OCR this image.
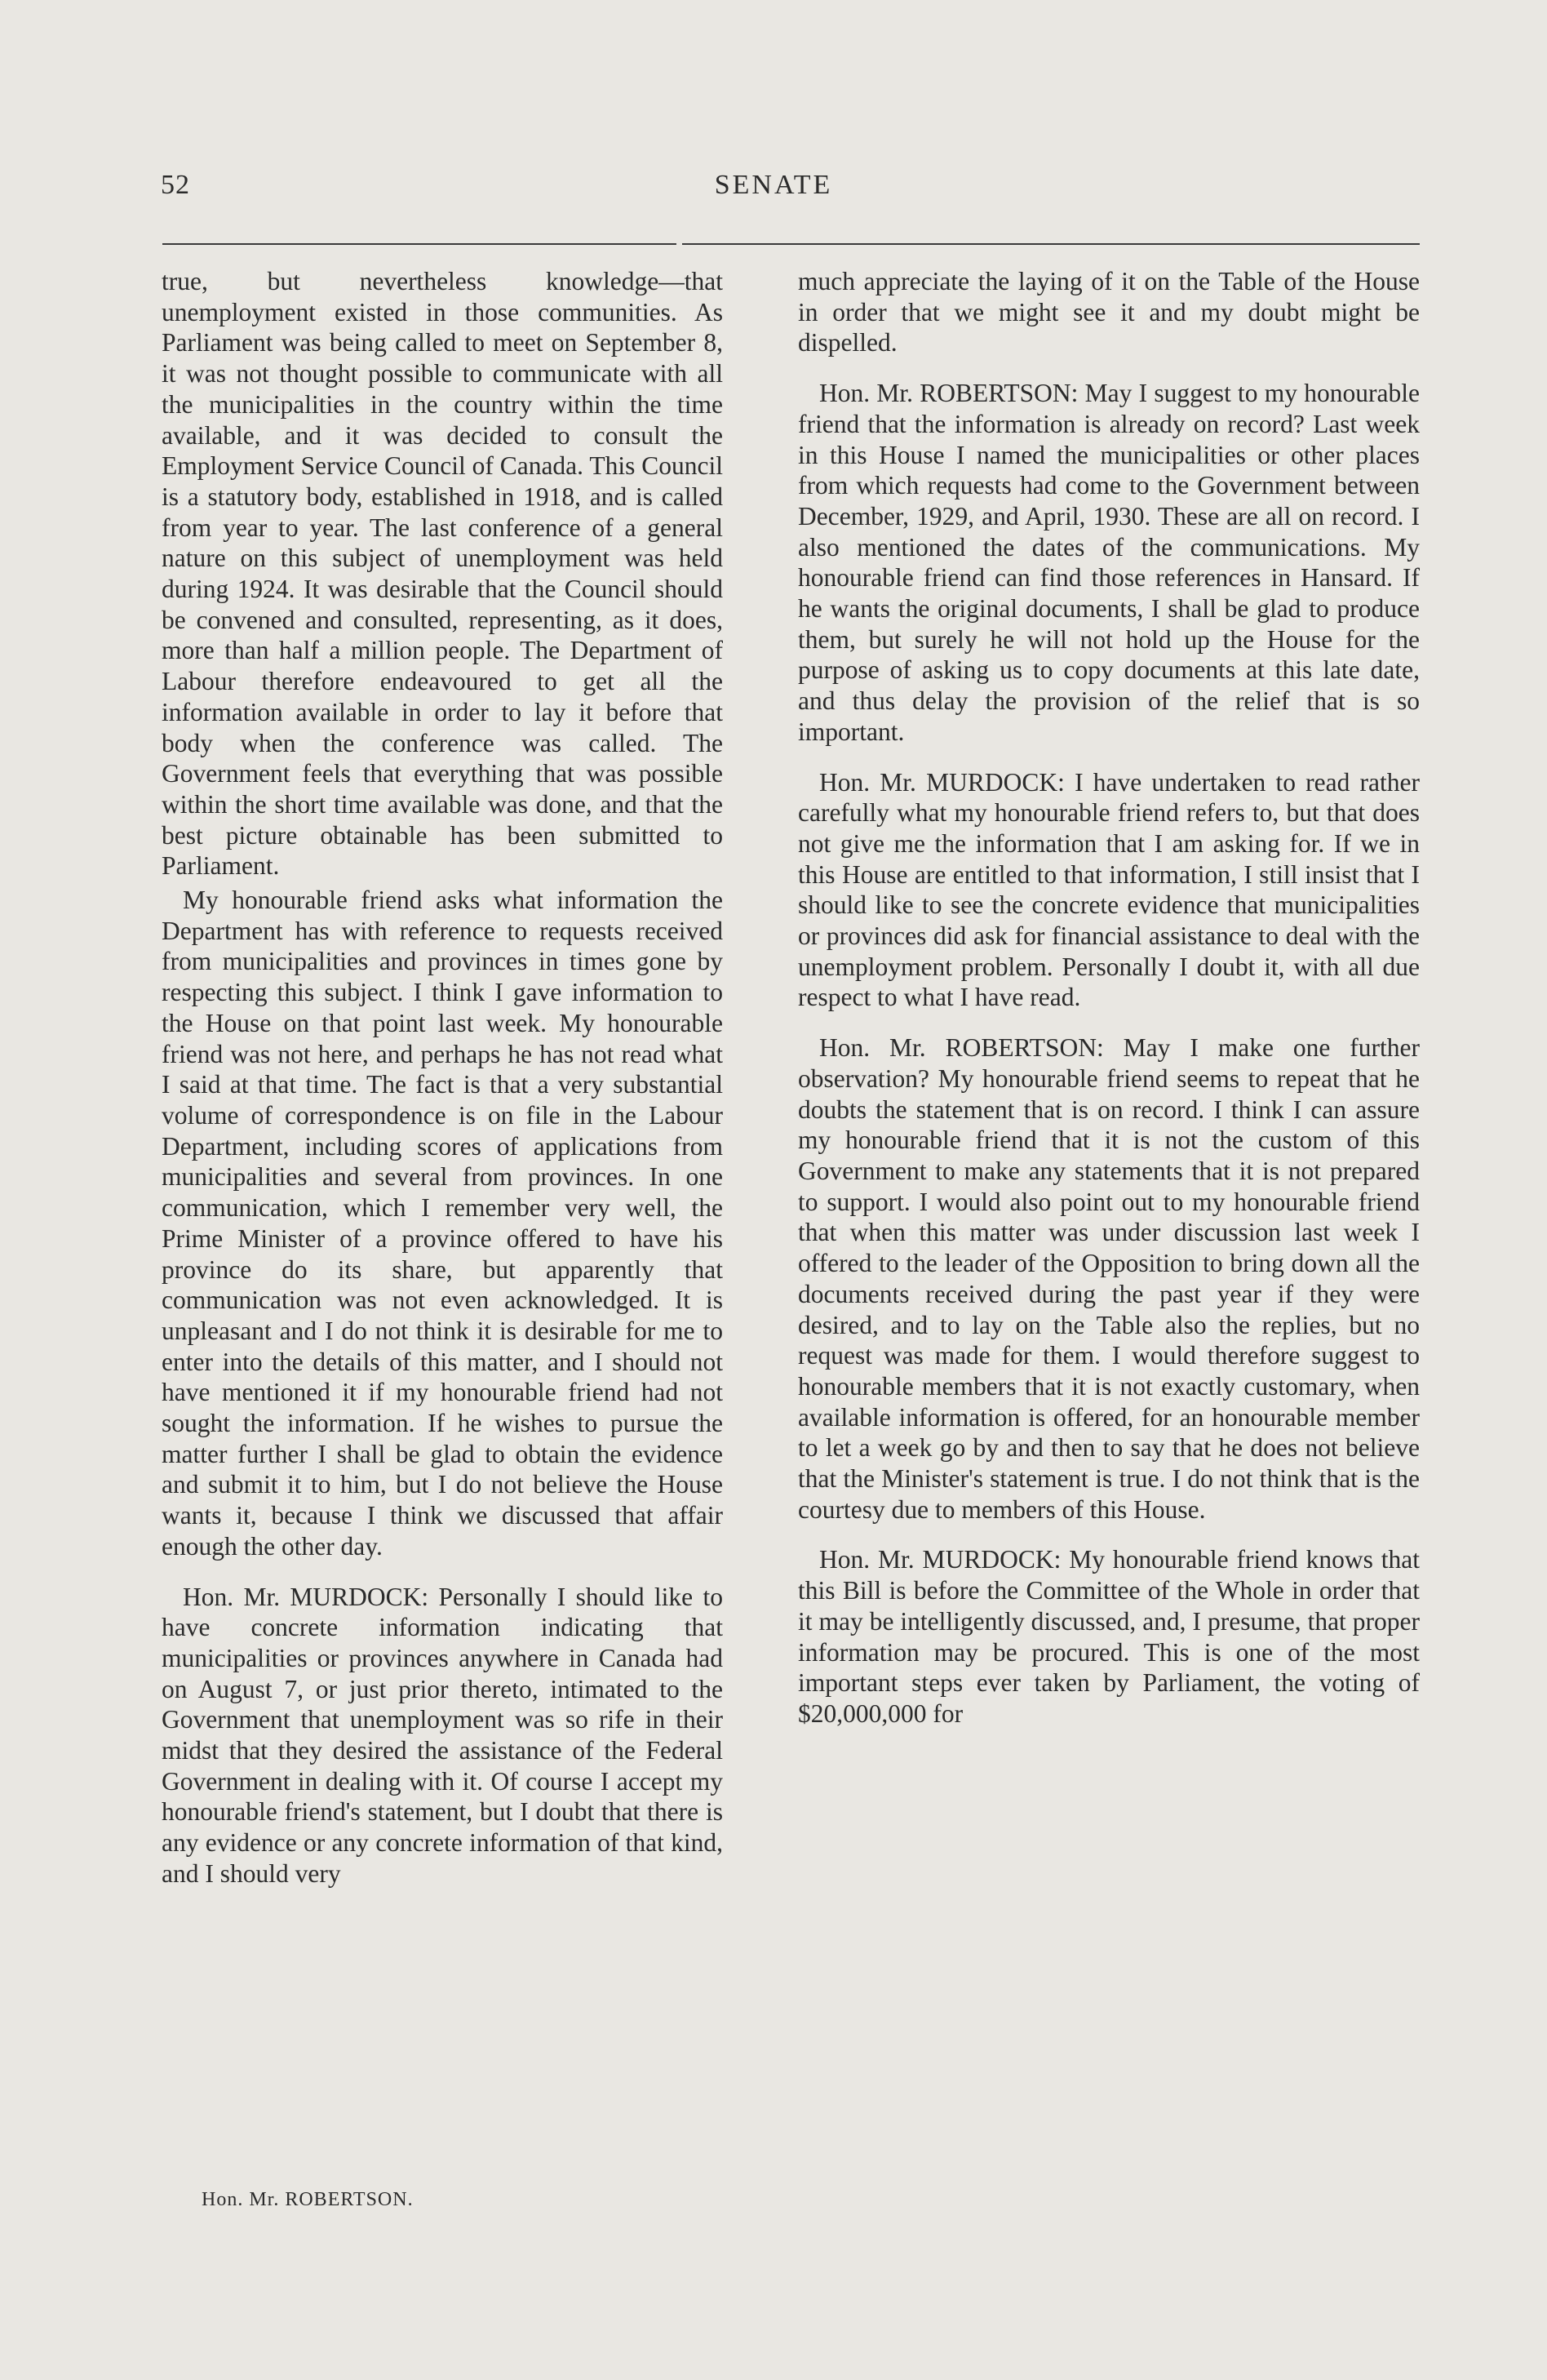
52	SENATE

true, but nevertheless knowledge—that unemployment existed in those communities. As Parliament was being called to meet on September 8, it was not thought possible to communicate with all the municipalities in the country within the time available, and it was decided to consult the Employment Service Council of Canada. This Council is a statutory body, established in 1918, and is called from year to year. The last conference of a general nature on this subject of unemployment was held during 1924. It was desirable that the Council should be convened and consulted, representing, as it does, more than half a million people. The Department of Labour therefore endeavoured to get all the information available in order to lay it before that body when the conference was called. The Government feels that everything that was possible within the short time available was done, and that the best picture obtainable has been submitted to Parliament.

My honourable friend asks what information the Department has with reference to requests received from municipalities and provinces in times gone by respecting this subject. I think I gave information to the House on that point last week. My honourable friend was not here, and perhaps he has not read what I said at that time. The fact is that a very substantial volume of correspondence is on file in the Labour Department, including scores of applications from municipalities and several from provinces. In one communication, which I remember very well, the Prime Minister of a province offered to have his province do its share, but apparently that communication was not even acknowledged. It is unpleasant and I do not think it is desirable for me to enter into the details of this matter, and I should not have mentioned it if my honourable friend had not sought the information. If he wishes to pursue the matter further I shall be glad to obtain the evidence and submit it to him, but I do not believe the House wants it, because I think we discussed that affair enough the other day.

Hon. Mr. MURDOCK: Personally I should like to have concrete information indicating that municipalities or provinces anywhere in Canada had on August 7, or just prior thereto, intimated to the Government that unemployment was so rife in their midst that they desired the assistance of the Federal Government in dealing with it. Of course I accept my honourable friend's statement, but I doubt that there is any evidence or any concrete information of that kind, and I should very

much appreciate the laying of it on the Table of the House in order that we might see it and my doubt might be dispelled.

Hon. Mr. ROBERTSON: May I suggest to my honourable friend that the information is already on record? Last week in this House I named the municipalities or other places from which requests had come to the Government between December, 1929, and April, 1930. These are all on record. I also mentioned the dates of the communications. My honourable friend can find those references in Hansard. If he wants the original documents, I shall be glad to produce them, but surely he will not hold up the House for the purpose of asking us to copy documents at this late date, and thus delay the provision of the relief that is so important.

Hon. Mr. MURDOCK: I have undertaken to read rather carefully what my honourable friend refers to, but that does not give me the information that I am asking for. If we in this House are entitled to that information, I still insist that I should like to see the concrete evidence that municipalities or provinces did ask for financial assistance to deal with the unemployment problem. Personally I doubt it, with all due respect to what I have read.

Hon. Mr. ROBERTSON: May I make one further observation? My honourable friend seems to repeat that he doubts the statement that is on record. I think I can assure my honourable friend that it is not the custom of this Government to make any statements that it is not prepared to support. I would also point out to my honourable friend that when this matter was under discussion last week I offered to the leader of the Opposition to bring down all the documents received during the past year if they were desired, and to lay on the Table also the replies, but no request was made for them. I would therefore suggest to honourable members that it is not exactly customary, when available information is offered, for an honourable member to let a week go by and then to say that he does not believe that the Minister's statement is true. I do not think that is the courtesy due to members of this House.

Hon. Mr. MURDOCK: My honourable friend knows that this Bill is before the Committee of the Whole in order that it may be intelligently discussed, and, I presume, that proper information may be procured. This is one of the most important steps ever taken by Parliament, the voting of $20,000,000 for

Hon. Mr. ROBERTSON.
